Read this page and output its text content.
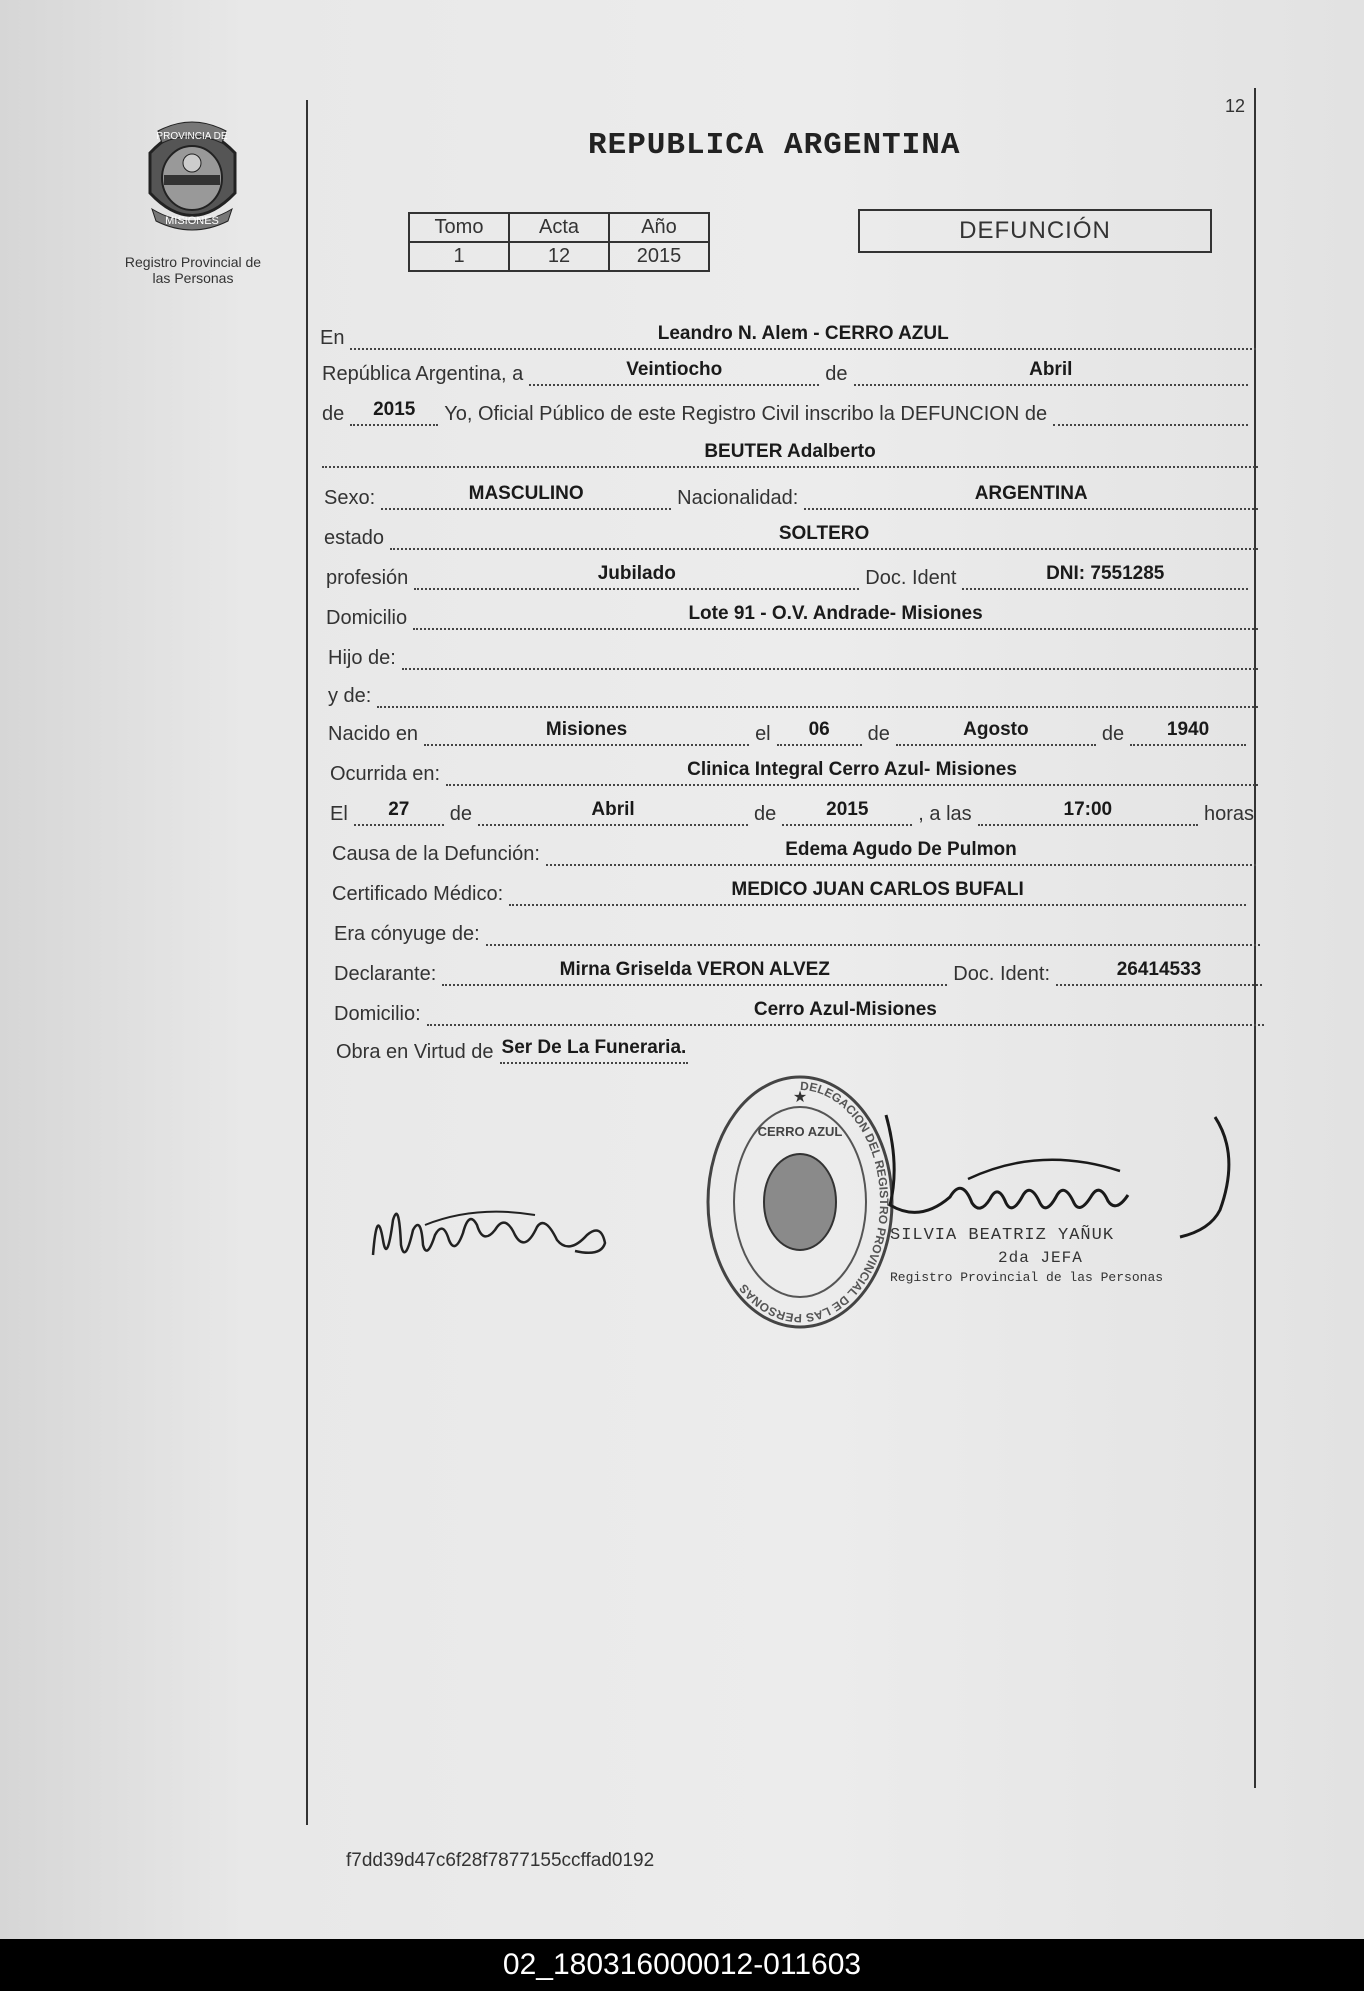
PROVINCIA DE
MISIONES
Registro Provincial de
las Personas
12
REPUBLICA ARGENTINA
Tomo	Acta	Año
1	12	2015
DEFUNCIÓN
En	Leandro N. Alem - CERRO AZUL
República Argentina, a	Veintiocho	de	Abril
de	2015	Yo, Oficial Público de este Registro Civil inscribo la DEFUNCION de
BEUTER Adalberto
Sexo:	MASCULINO	Nacionalidad:	ARGENTINA
estado	SOLTERO
profesión	Jubilado	Doc. Ident	DNI: 7551285
Domicilio	Lote 91 - O.V. Andrade- Misiones
Hijo de:
y de:
Nacido en	Misiones	el	06	de	Agosto	de	1940
Ocurrida en:	Clinica Integral Cerro Azul- Misiones
El	27	de	Abril	de	2015	, a las	17:00	horas
Causa de la Defunción:	Edema Agudo De Pulmon
Certificado Médico:	MEDICO JUAN CARLOS BUFALI
Era cónyuge de:
Declarante:	Mirna Griselda VERON ALVEZ	Doc. Ident:	26414533
Domicilio:	Cerro Azul-Misiones
Obra en Virtud de Ser De La Funeraria.
★
CERRO AZUL
DELEGACION DEL REGISTRO PROVINCIAL DE LAS PERSONAS
SILVIA BEATRIZ YAÑUK
2da JEFA
Registro Provincial de las Personas
f7dd39d47c6f28f7877155ccffad0192
02_180316000012-011603
